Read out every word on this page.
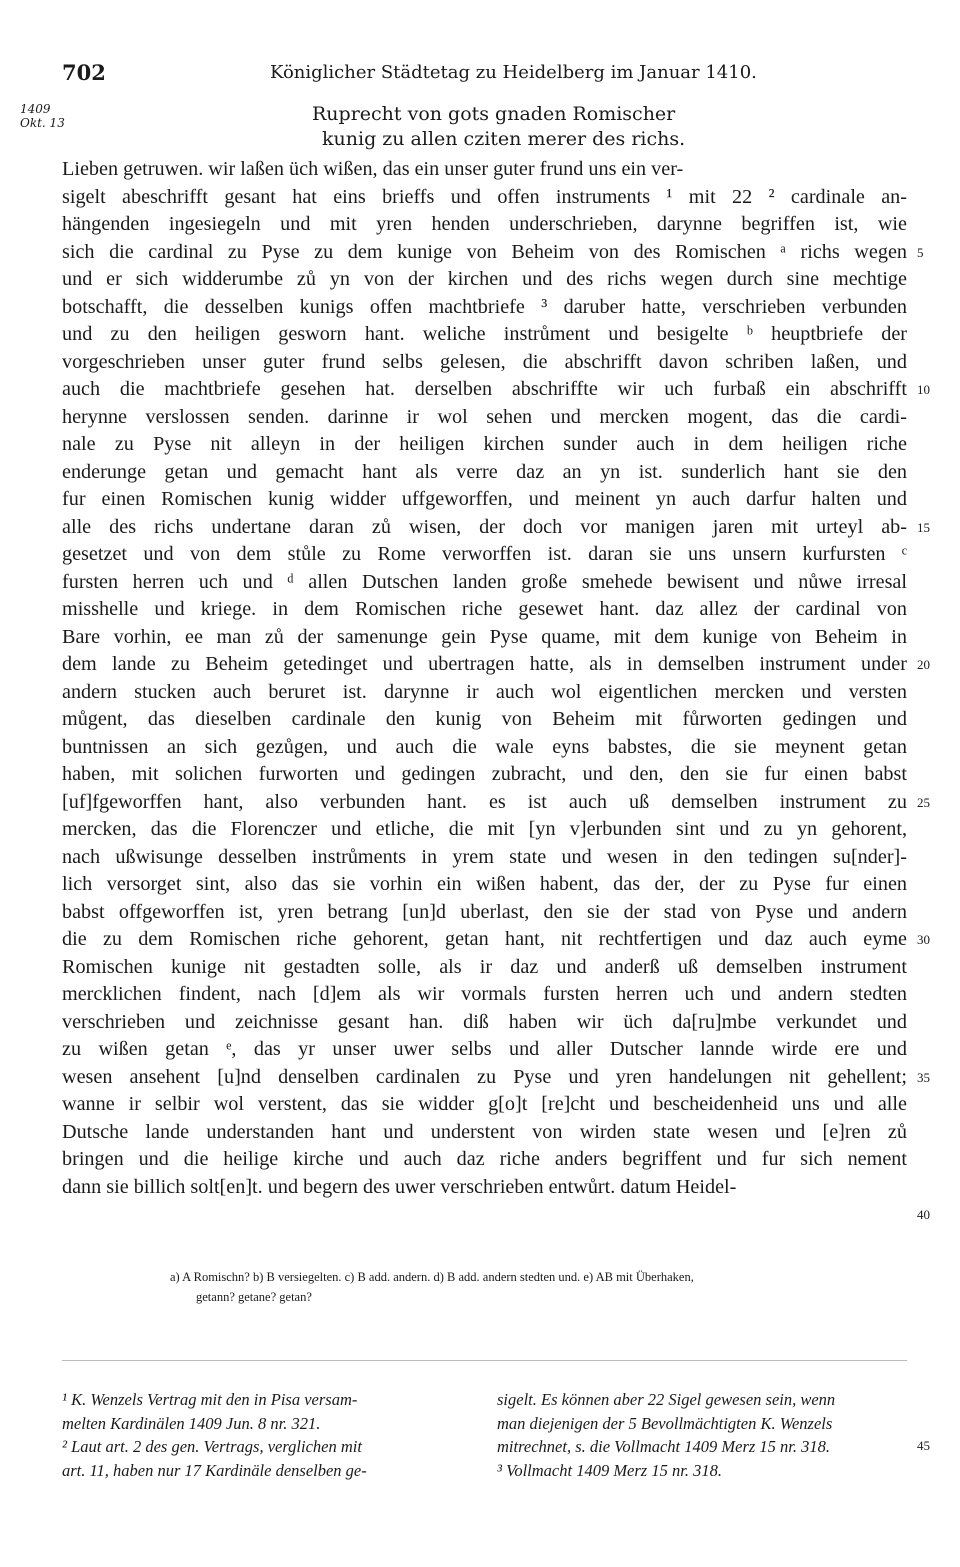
702	Königlicher Städtetag zu Heidelberg im Januar 1410.
1409
Okt. 13	Ruprecht von gots gnaden Romischer
kunig zu allen cziten merer des richs.
Lieben getruwen. wir laßen üch wißen, das ein unser guter frund uns ein ver-
sigelt abeschrifft gesant hat eins brieffs und offen instruments ¹ mit 22 ² cardinale an-
hängenden ingesiegeln und mit yren henden underschrieben, darynne begriffen ist, wie
sich die cardinal zu Pyse zu dem kunige von Beheim von des Romischen ᵃ richs wegen
und er sich widderumbe zů yn von der kirchen und des richs wegen durch sine mechtige
botschafft, die desselben kunigs offen machtbriefe ³ daruber hatte, verschrieben verbunden
und zu den heiligen gesworn hant. weliche instrůment und besigelte ᵇ heuptbriefe der
vorgeschrieben unser guter frund selbs gelesen, die abschrifft davon schriben laßen, und
auch die machtbriefe gesehen hat. derselben abschriffte wir uch furbaß ein abschrifft
herynne verslossen senden. darinne ir wol sehen und mercken mogent, das die cardi-
nale zu Pyse nit alleyn in der heiligen kirchen sunder auch in dem heiligen riche
enderunge getan und gemacht hant als verre daz an yn ist. sunderlich hant sie den
fur einen Romischen kunig widder uffgeworffen, und meinent yn auch darfur halten und
alle des richs undertane daran zů wisen, der doch vor manigen jaren mit urteyl ab-
gesetzet und von dem stůle zu Rome verworffen ist. daran sie uns unsern kurfursten ᶜ
fursten herren uch und ᵈ allen Dutschen landen großе smehede bewisent und nůwe irresal
misshelle und kriege. in dem Romischen riche gesewet hant. daz allez der cardinal von
Bare vorhin, ee man zů der samenunge gein Pyse quame, mit dem kunige von Beheim in
dem lande zu Beheim getedinget und ubertragen hatte, als in demselben instrument under
andern stucken auch beruret ist. darynne ir auch wol eigentlichen mercken und versten
můgent, das dieselben cardinale den kunig von Beheim mit fůrworten gedingen und
buntnissen an sich gezůgen, und auch die wale eyns babstes, die sie meynent getan
haben, mit solichen furworten und gedingen zubracht, und den, den sie fur einen babst
[uf]fgeworffen hant, also verbunden hant. es ist auch uß demselben instrument zu
mercken, das die Florenczer und etliche, die mit [yn v]erbunden sint und zu yn gehorent,
nach ußwisunge desselben instrůments in yrem state und wesen in den tedingen su[nder]-
lich versorget sint, also das sie vorhin ein wißen habent, das der, der zu Pyse fur einen
babst offgeworffen ist, yren betrang [un]d uberlast, den sie der stad von Pyse und andern
die zu dem Romischen riche gehorent, getan hant, nit rechtfertigen und daz auch eyme
Romischen kunige nit gestadten solle, als ir daz und anderß uß demselben instrument
mercklichen findent, nach [d]em als wir vormals fursten herren uch und andern stedten
verschrieben und zeichnisse gesant han. diß haben wir üch da[ru]mbe verkundet und
zu wißen getan ᵉ, das yr unser uwer selbs und aller Dutscher lannde wirde ere und
wesen ansehent [u]nd denselben cardinalen zu Pyse und yren handelungen nit gehellent;
wanne ir selbir wol verstent, das sie widder g[o]t [re]cht und bescheidenheid uns und alle
Dutsche lande understanden hant und understent von wirden state wesen und [e]ren zů
bringen und die heilige kirche und auch daz riche anders begriffent und fur sich nement
dann sie billich solt[en]t. und begern des uwer verschrieben entwůrt. datum Heidel-
5
10
15
20
25
30
35
40
a) A Romischn? b) B versiegelten. c) B add. andern. d) B add. andern stedten und. e) AB mit Überhaken,
getann? getane? getan?
¹ K. Wenzels Vertrag mit den in Pisa versam-
melten Kardinälen 1409 Jun. 8 nr. 321.
² Laut art. 2 des gen. Vertrags, verglichen mit
art. 11, haben nur 17 Kardinäle denselben ge-
sigelt. Es können aber 22 Sigel gewesen sein, wenn
man diejenigen der 5 Bevollmächtigten K. Wenzels
mitrechnet, s. die Vollmacht 1409 Merz 15 nr. 318.
³ Vollmacht 1409 Merz 15 nr. 318.
45
